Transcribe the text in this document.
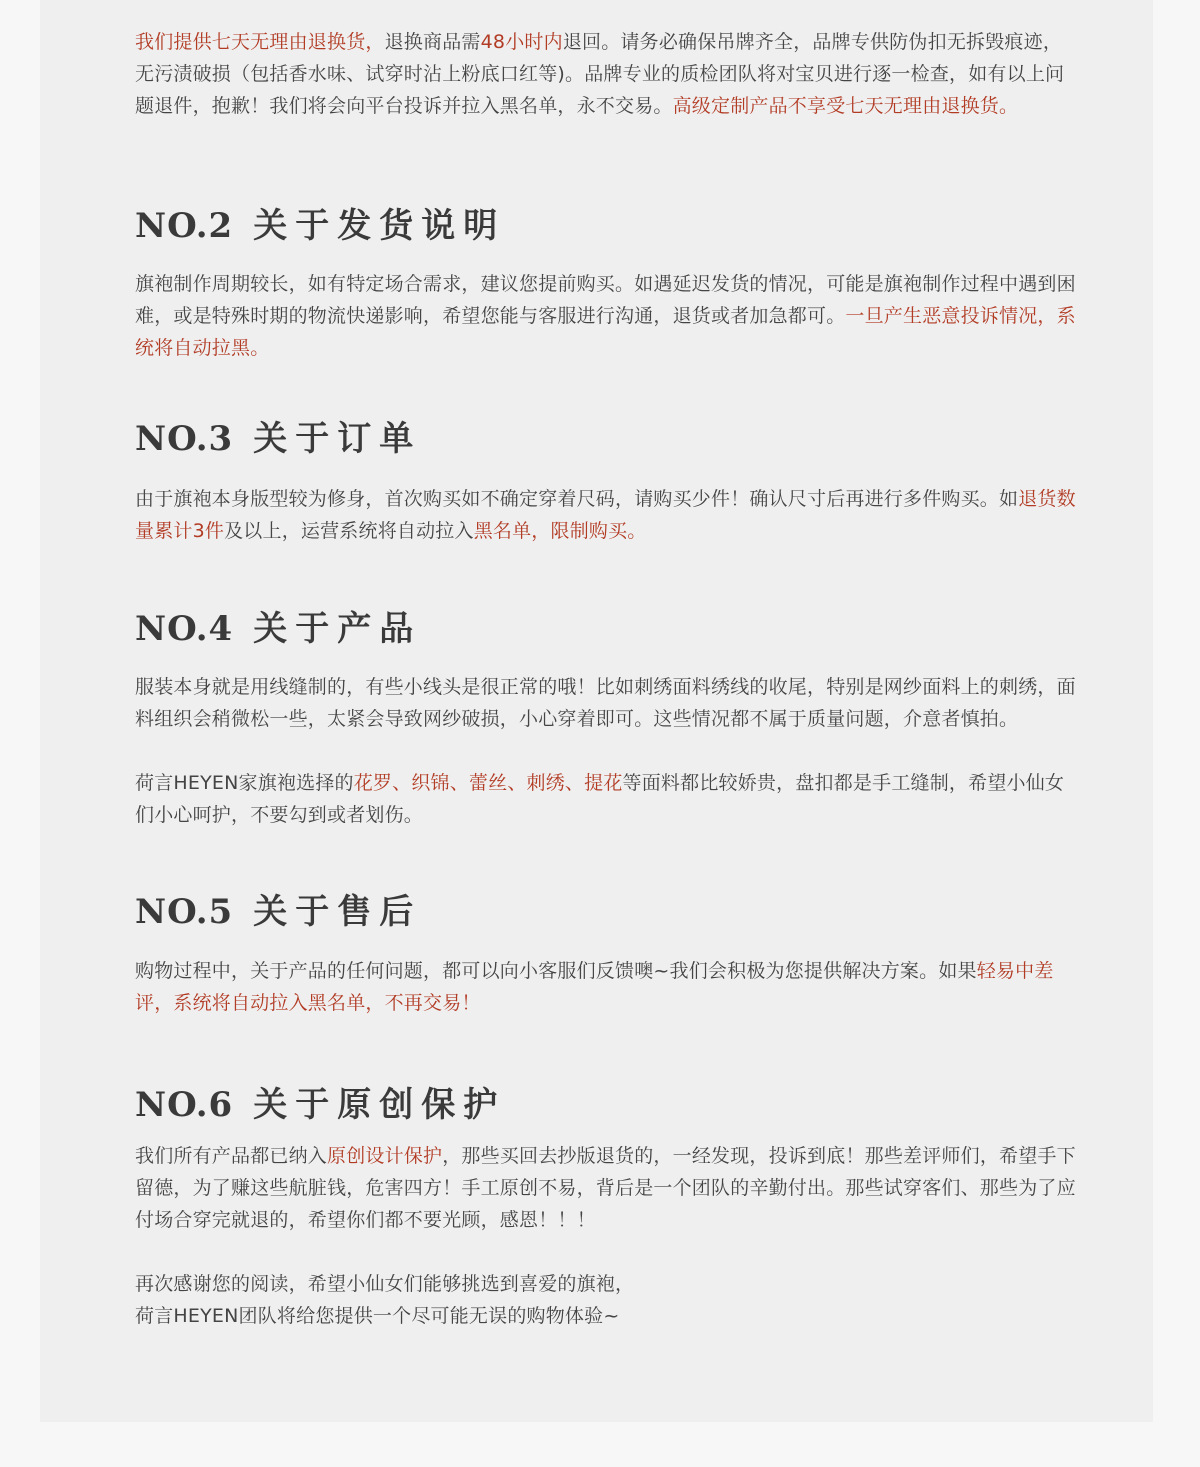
我们提供七天无理由退换货，退换商品需48小时内退回。请务必确保吊牌齐全，品牌专供防伪扣无拆毁痕迹，无污渍破损（包括香水味、试穿时沾上粉底口红等)。品牌专业的质检团队将对宝贝进行逐一检查，如有以上问题退件，抱歉！我们将会向平台投诉并拉入黑名单，永不交易。高级定制产品不享受七天无理由退换货。

NO.2 关于发货说明

旗袍制作周期较长，如有特定场合需求，建议您提前购买。如遇延迟发货的情况，可能是旗袍制作过程中遇到困难，或是特殊时期的物流快递影响，希望您能与客服进行沟通，退货或者加急都可。一旦产生恶意投诉情况，系统将自动拉黑。

NO.3 关于订单

由于旗袍本身版型较为修身，首次购买如不确定穿着尺码，请购买少件！确认尺寸后再进行多件购买。如退货数量累计3件及以上，运营系统将自动拉入黑名单，限制购买。

NO.4 关于产品

服装本身就是用线缝制的，有些小线头是很正常的哦！比如刺绣面料绣线的收尾，特别是网纱面料上的刺绣，面料组织会稍微松一些，太紧会导致网纱破损，小心穿着即可。这些情况都不属于质量问题，介意者慎拍。

荷言HEYEN家旗袍选择的花罗、织锦、蕾丝、刺绣、提花等面料都比较娇贵，盘扣都是手工缝制，希望小仙女们小心呵护，不要勾到或者划伤。

NO.5 关于售后

购物过程中，关于产品的任何问题，都可以向小客服们反馈噢~我们会积极为您提供解决方案。如果轻易中差评，系统将自动拉入黑名单，不再交易！

NO.6 关于原创保护

我们所有产品都已纳入原创设计保护，那些买回去抄版退货的，一经发现，投诉到底！那些差评师们，希望手下留德，为了赚这些航脏钱，危害四方！手工原创不易，背后是一个团队的辛勤付出。那些试穿客们、那些为了应付场合穿完就退的，希望你们都不要光顾，感恩！！！

再次感谢您的阅读，希望小仙女们能够挑选到喜爱的旗袍，

荷言HEYEN团队将给您提供一个尽可能无误的购物体验~
